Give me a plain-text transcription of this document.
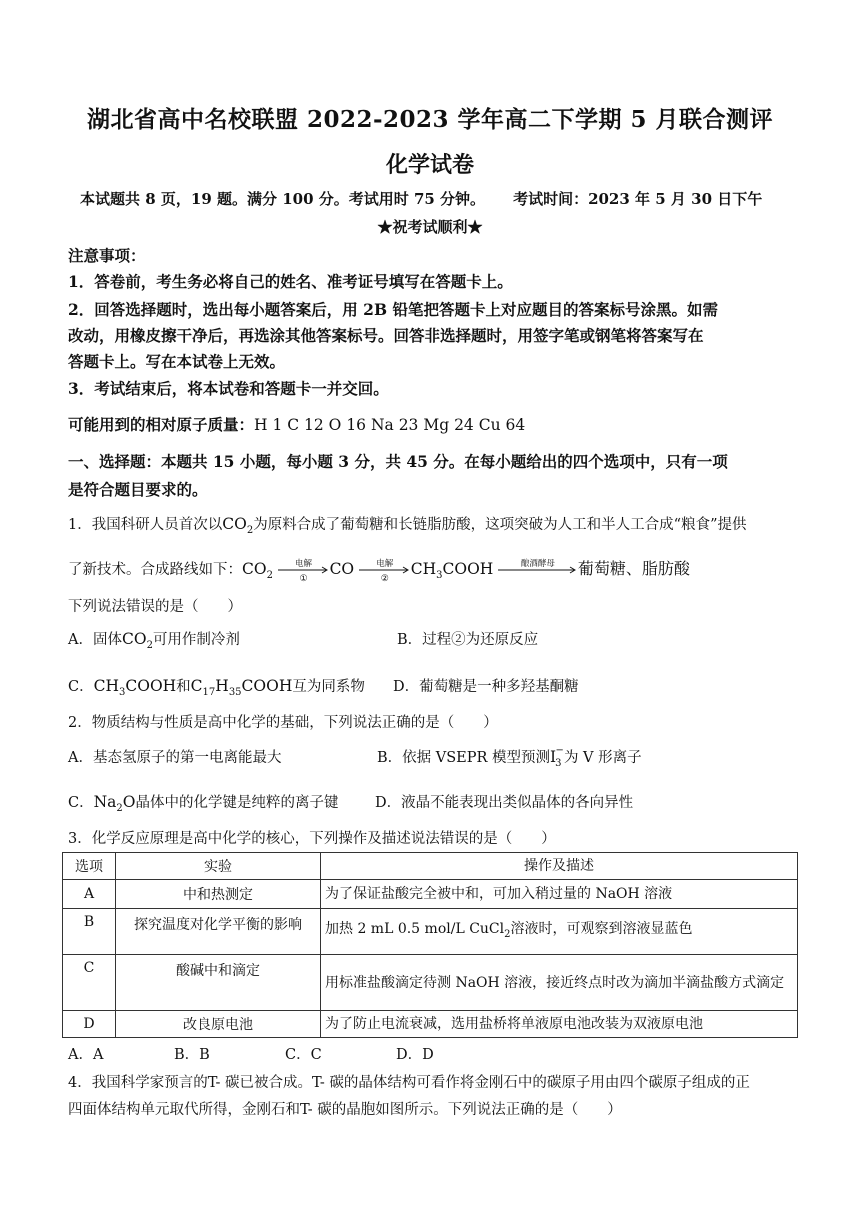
湖北省高中名校联盟 2022-2023 学年高二下学期 5 月联合测评
化学试卷
本试题共 8 页，19 题。满分 100 分。考试用时 75 分钟。 考试时间：2023 年 5 月 30 日下午
★祝考试顺利★
注意事项：
1．答卷前，考生务必将自己的姓名、准考证号填写在答题卡上。
2．回答选择题时，选出每小题答案后，用 2B 铅笔把答题卡上对应题目的答案标号涂黑。如需
改动，用橡皮擦干净后，再选涂其他答案标号。回答非选择题时，用签字笔或钢笔将答案写在
答题卡上。写在本试卷上无效。
3．考试结束后，将本试卷和答题卡一并交回。
可能用到的相对原子质量：H 1 C 12 O 16 Na 23 Mg 24 Cu 64
一、选择题：本题共 15 小题，每小题 3 分，共 45 分。在每小题给出的四个选项中，只有一项
是符合题目要求的。
1．我国科研人员首次以$CO_2$为原料合成了葡萄糖和长链脂肪酸，这项突破为人工和半人工合成“粮食”提供
了新技术。合成路线如下：$CO_2$
电解
①
CO	电解
②
$CH_3COOH$	酿酒酵母	葡萄糖、脂肪酸
下列说法错误的是（　　）
A．固体$CO_2$可用作制冷剂	B．过程②为还原反应
C．$CH_3COOH$和$C_{17}H_{35}COOH$互为同系物 D．葡萄糖是一种多羟基酮糖
2．物质结构与性质是高中化学的基础，下列说法正确的是（　　）
A．基态氢原子的第一电离能最大	B．依据 VSEPR 模型预测$I_3^-$为 V 形离子
C．$Na_2O$晶体中的化学键是纯粹的离子键	D．液晶不能表现出类似晶体的各向异性
3．化学反应原理是高中化学的核心，下列操作及描述说法错误的是（　　）
选项	实验	操作及描述
A	中和热测定	为了保证盐酸完全被中和，可加入稍过量的 NaOH 溶液
B	探究温度对化学平衡的影响	加热 2 mL 0.5 mol/L CuCl$_2$溶液时，可观察到溶液显蓝色
C	酸碱中和滴定	用标准盐酸滴定待测 NaOH 溶液，接近终点时改为滴加半滴盐酸方式滴定
D	改良原电池	为了防止电流衰减，选用盐桥将单液原电池改装为双液原电池
A．A	B．B	C．C	D．D
4．我国科学家预言的T- 碳已被合成。T- 碳的晶体结构可看作将金刚石中的碳原子用由四个碳原子组成的正
四面体结构单元取代所得，金刚石和T- 碳的晶胞如图所示。下列说法正确的是（　　）
